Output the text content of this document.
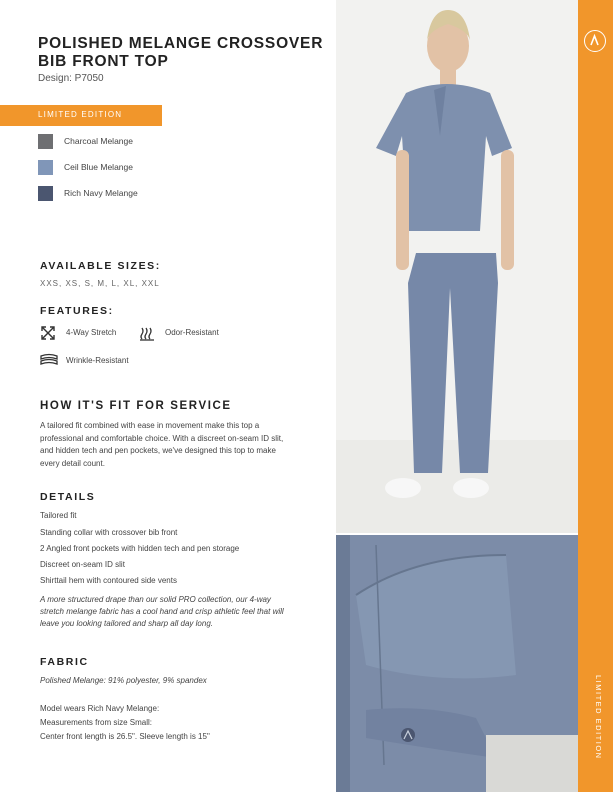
POLISHED MELANGE CROSSOVER BIB FRONT TOP
Design: P7050
LIMITED EDITION
Charcoal Melange
Ceil Blue Melange
Rich Navy Melange
AVAILABLE SIZES:
XXS, XS, S, M, L, XL, XXL
FEATURES:
4-Way Stretch	Odor-Resistant
Wrinkle-Resistant
HOW IT'S FIT FOR SERVICE

A tailored fit combined with ease in movement make this top a professional and comfortable choice. With a discreet on-seam ID slit, and hidden tech and pen pockets, we've designed this top to make every detail count.

DETAILS
Tailored fit
Standing collar with crossover bib front
2 Angled front pockets with hidden tech and pen storage
Discreet on-seam ID slit
Shirttail hem with contoured side vents

A more structured drape than our solid PRO collection, our 4-way stretch melange fabric has a cool hand and crisp athletic feel that will leave you looking tailored and sharp all day long.

FABRIC
Polished Melange: 91% polyester, 9% spandex
Model wears Rich Navy Melange:
Measurements from size Small:
Center front length is 26.5". Sleeve length is 15"	LIMITED EDITION
